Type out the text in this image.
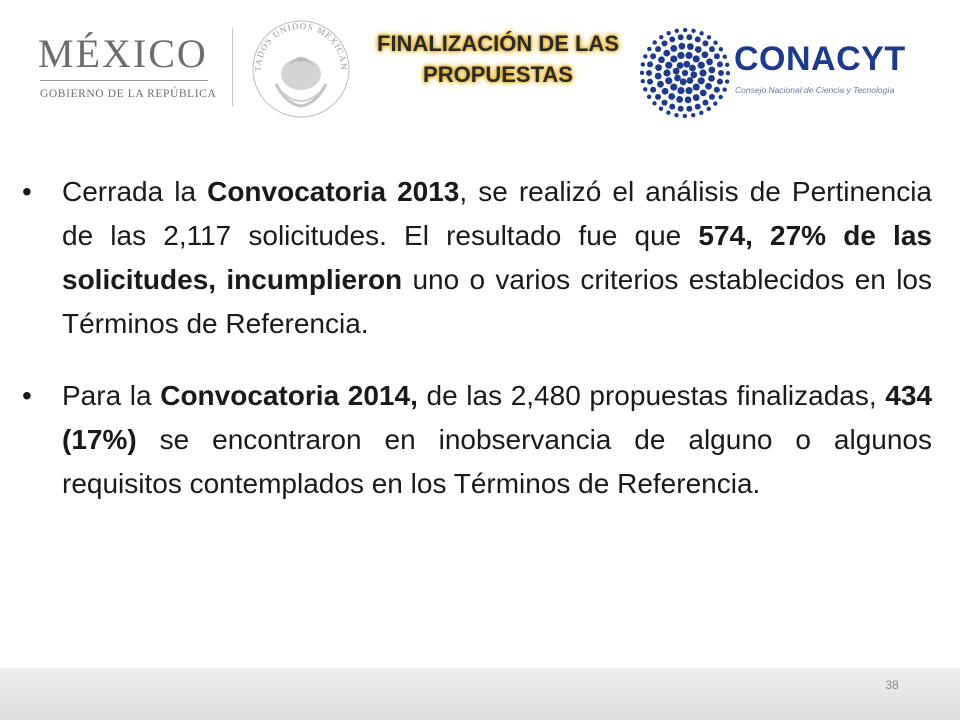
MÉXICO
GOBIERNO DE LA REPÚBLICA
TADOS UNIDOS MEXICAN
FINALIZACIÓN DE LAS
PROPUESTAS	CONACYT
Consejo Nacional de Ciencia y Tecnología
• Cerrada la Convocatoria 2013, se realizó el análisis de Pertinencia de las 2,117 solicitudes. El resultado fue que 574, 27% de las solicitudes, incumplieron uno o varios criterios establecidos en los Términos de Referencia.
• Para la Convocatoria 2014, de las 2,480 propuestas finalizadas, 434 (17%) se encontraron en inobservancia de alguno o algunos requisitos contemplados en los Términos de Referencia.
38
